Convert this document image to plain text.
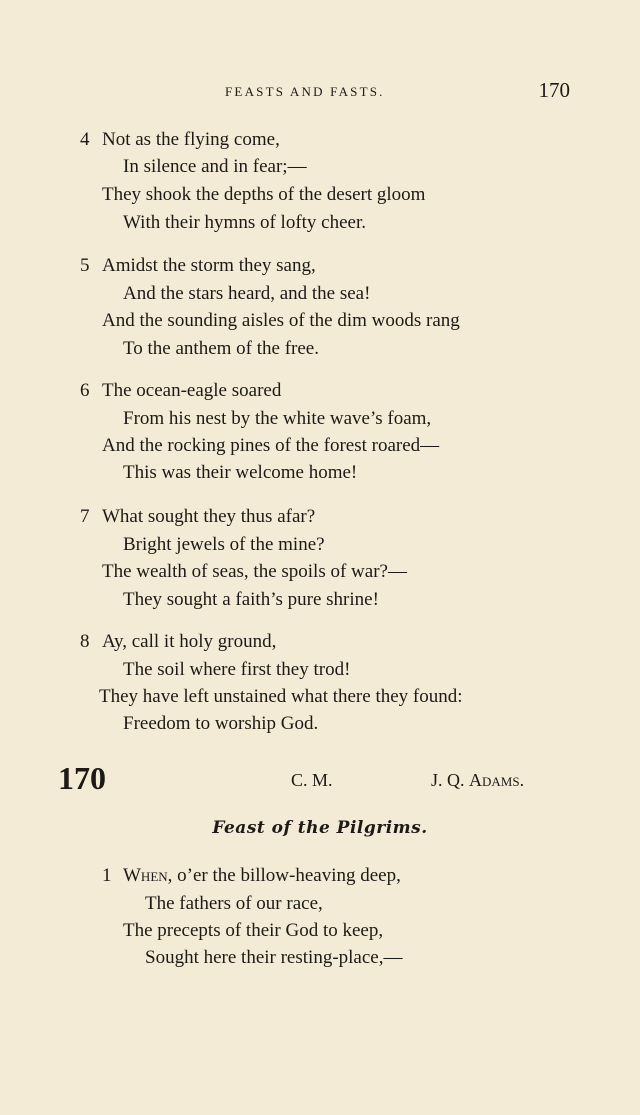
FEASTS AND FASTS.	170
4 Not as the flying come,
In silence and in fear;—
They shook the depths of the desert gloom
With their hymns of lofty cheer.
5 Amidst the storm they sang,
And the stars heard, and the sea!
And the sounding aisles of the dim woods rang
To the anthem of the free.
6 The ocean-eagle soared
From his nest by the white wave’s foam,
And the rocking pines of the forest roared—
This was their welcome home!
7 What sought they thus afar?
Bright jewels of the mine?
The wealth of seas, the spoils of war?—
They sought a faith’s pure shrine!
8 Ay, call it holy ground,
The soil where first they trod!
They have left unstained what there they found:
Freedom to worship God.
170	C. M.	J. Q. Adams.
Feast of the Pilgrims.
1 When, o’er the billow-heaving deep,
The fathers of our race,
The precepts of their God to keep,
Sought here their resting-place,—
